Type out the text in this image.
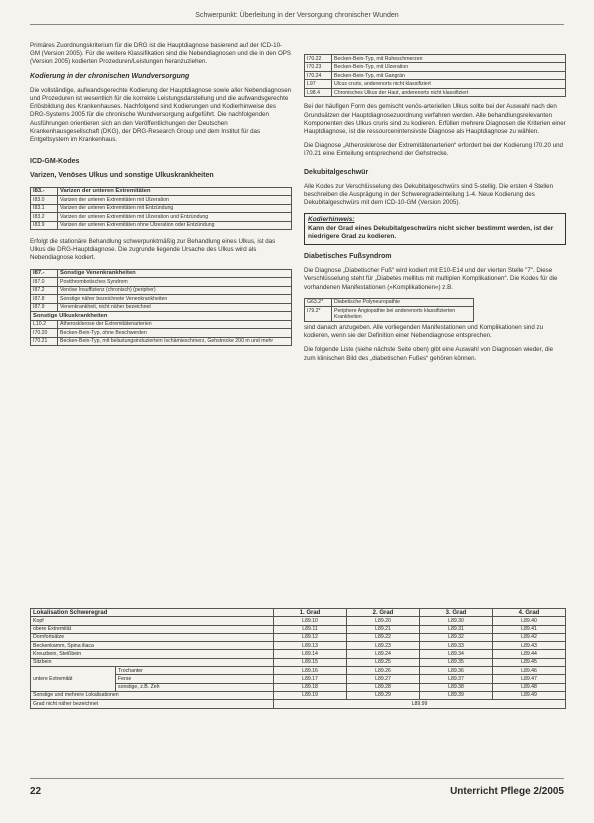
Schwerpunkt: Überleitung in der Versorgung chronischer Wunden

Primäres Zuordnungskriterium für die DRG ist die Hauptdiagnose basierend auf der ICD-10-GM (Version 2005). Für die weitere Klassifikation sind die Nebendiagnosen und die in den OPS (Version 2005) kodierten Prozeduren/Leistungen heranzuziehen.

Kodierung in der chronischen Wundversorgung

Die vollständige, aufwandsgerechte Kodierung der Hauptdiagnose sowie aller Nebendiagnosen und Prozeduren ist wesentlich für die korrekte Leistungsdarstellung und die aufwandsgerechte Erlösbildung des Krankenhauses. Nachfolgend sind Kodierungen und Kodierhinweise des DRG-Systems 2005 für die chronische Wundversorgung aufgeführt. Die nachfolgenden Ausführungen orientieren sich an den Veröffentlichungen der Deutschen Krankenhausgesellschaft (DKG), der DRG-Research Group und dem Institut für das Entgeltsystem im Krankenhaus.

ICD-GM-Kodes
Varizen, Venöses Ulkus und sonstige Ulkuskrankheiten
I83.-	Varizen der unteren Extremitäten
I83.0	Varizen der unteren Extremitäten mit Ulzeration
I83.1	Varizen der unteren Extremitäten mit Entzündung
I83.2	Varizen der unteren Extremitäten mit Ulzeration und Entzündung
I83.9	Varizen der unteren Extremitäten ohne Ulzeration oder Entzündung

Erfolgt die stationäre Behandlung schwerpunktmäßig zur Behandlung eines Ulkus, ist das Ulkus die DRG-Hauptdiagnose. Die zugrunde liegende Ursache des Ulkus wird als Nebendiagnose kodiert.

I87.-	Sonstige Venenkrankheiten
I87.0	Postthrombotisches Syndrom
I87.2	Venöse Insuffizienz (chronisch) (peripher)
I87.8	Sonstige näher bezeichnete Venenkrankheiten
I87.9	Venenkrankheit, nicht näher bezeichnet
Sonstige Ulkuskrankheiten	
L10.2	Atherosklerose der Extremitätenarterien
I70.20	Becken-Bein-Typ, ohne Beschwerden
I70.21	Becken-Bein-Typ, mit belastungsinduziertem Ischämieschmerz, Gehstrecke 200 m und mehr
I70.22	Becken-Bein-Typ, mit Ruheschmerzen
I70.23	Becken-Bein-Typ, mit Ulzeration
I70.24	Becken-Bein-Typ, mit Gangrän
L97	Ulcus cruris, anderenorts nicht klassifiziert
L98.4	Chronisches Ulkus der Haut, anderenorts nicht klassifiziert

Bei der häufigen Form des gemischt venös-arteriellen Ulkus sollte bei der Auswahl nach den Grundsätzen der Hauptdiagnosezuordnung verfahren werden. Alle behandlungsrelevanten Komponenten des Ulkus cruris sind zu kodieren. Erfüllen mehrere Diagnosen die Kriterien einer Hauptdiagnose, ist die ressourcenintensivste Diagnose als Hauptdiagnose zu wählen.

Die Diagnose „Atherosklerose der Extremitätenarterien“ erfordert bei der Kodierung I70.20 und I70.21 eine Einteilung entsprechend der Gehstrecke.

Dekubitalgeschwür

Alle Kodes zur Verschlüsselung des Dekubitalgeschwürs sind 5-stellig. Die ersten 4 Stellen beschreiben die Ausprägung in der Schweregradeinteilung 1-4. Neue Kodierung des Dekubitalgeschwürs mit dem ICD-10-GM (Version 2005).

Kodierhinweis:
Kann der Grad eines Dekubitalgeschwürs nicht sicher bestimmt werden, ist der niedrigere Grad zu kodieren.
Diabetisches Fußsyndrom

Die Diagnose „Diabetischer Fuß“ wird kodiert mit E10-E14 und der vierten Stelle "7". Diese Verschlüsselung steht für „Diabetes mellitus mit multiplen Komplikationen“. Die Kodes für die vorhandenen Manifestationen (»Komplikationen«) z.B.

G63.2*	Diabetische Polyneuropathie
I79.2*	Periphere Angiopathie bei anderenorts klassifizierten Krankheiten

sind danach anzugeben. Alle vorliegenden Manifestationen und Komplikationen sind zu kodieren, wenn sie der Definition einer Nebendiagnose entsprechen.

Die folgende Liste (siehe nächste Seite oben) gibt eine Auswahl von Diagnosen wieder, die zum klinischen Bild des „diabetischen Fußes“ gehören können.

Lokalisation Schweregrad		1. Grad	2. Grad	3. Grad	4. Grad
Kopf		L89.10	L89.20	L89.30	L89.40
obere Extremität		L89.11	L89.21	L89.31	L89.41
Dornfortsätze		L89.12	L89.22	L89.32	L89.42
Beckenkamm, Spina iliaca		L89.13	L89.23	L89.33	L89.43
Kreuzbein, Steißbein		L89.14	L89.24	L89.34	L89.44
Sitzbein		L89.15	L89.25	L89.35	L89.45
untere Extremität	Trochanter	L89.16	L89.26	L89.36	L89.46
	Ferse	L89.17	L89.27	L89.37	L89.47
	sonstige, z.B. Zeh	L89.18	L89.28	L89.38	L89.48
Sonstige und mehrere Lokalisationen		L89.19	L89.29	L89.39	L89.49
Grad nicht näher bezeichnet		L89.99			
22	Unterricht Pflege 2/2005
